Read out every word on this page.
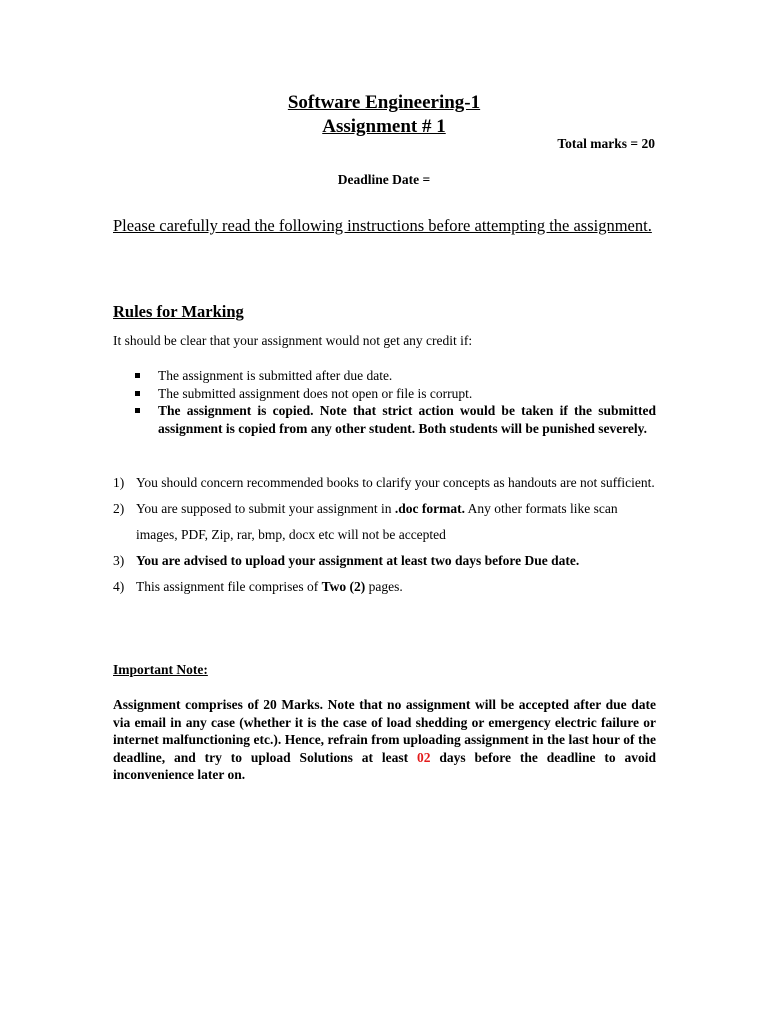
Software Engineering-1
Assignment # 1
Total marks = 20
Deadline Date =
Please carefully read the following instructions before attempting the assignment.
Rules for Marking
It should be clear that your assignment would not get any credit if:
The assignment is submitted after due date.
The submitted assignment does not open or file is corrupt.
The assignment is copied. Note that strict action would be taken if the submitted assignment is copied from any other student. Both students will be punished severely.
1) You should concern recommended books to clarify your concepts as handouts are not sufficient.
2) You are supposed to submit your assignment in .doc format. Any other formats like scan images, PDF, Zip, rar, bmp, docx etc will not be accepted
3) You are advised to upload your assignment at least two days before Due date.
4) This assignment file comprises of Two (2) pages.
Important Note:
Assignment comprises of 20 Marks. Note that no assignment will be accepted after due date via email in any case (whether it is the case of load shedding or emergency electric failure or internet malfunctioning etc.). Hence, refrain from uploading assignment in the last hour of the deadline, and try to upload Solutions at least 02 days before the deadline to avoid inconvenience later on.
